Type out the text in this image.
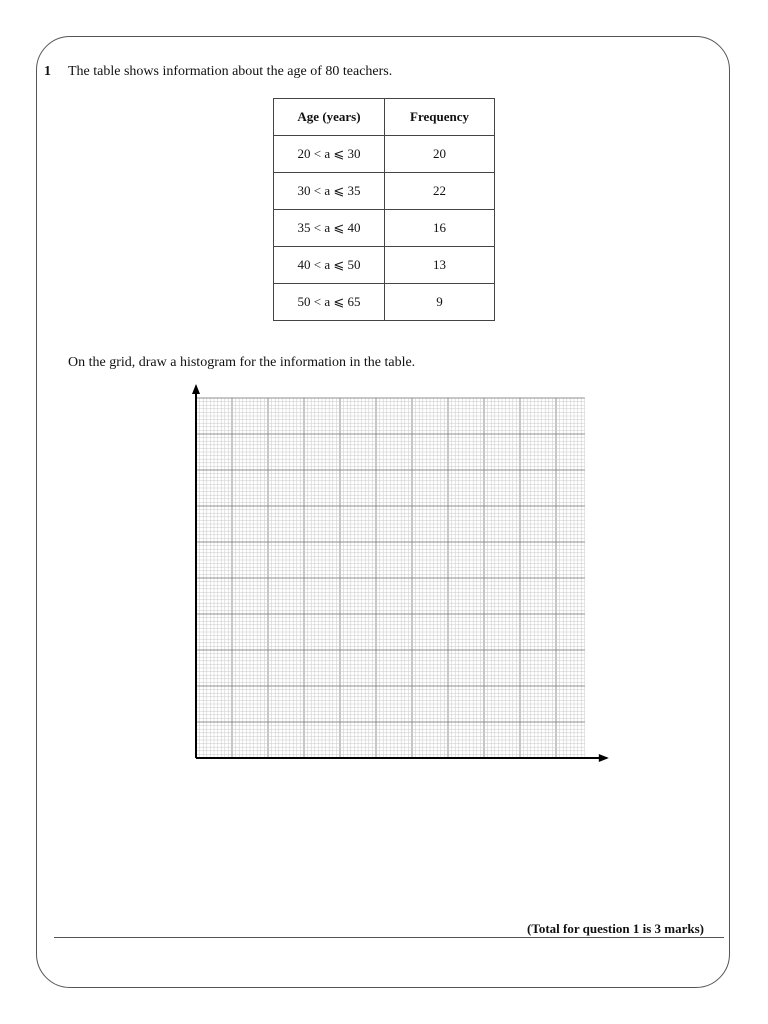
1 The table shows information about the age of 80 teachers.
Age (years)	Frequency
20 < a ⩽ 30	20
30 < a ⩽ 35	22
35 < a ⩽ 40	16
40 < a ⩽ 50	13
50 < a ⩽ 65	9
On the grid, draw a histogram for the information in the table.
(Total for question 1 is 3 marks)
